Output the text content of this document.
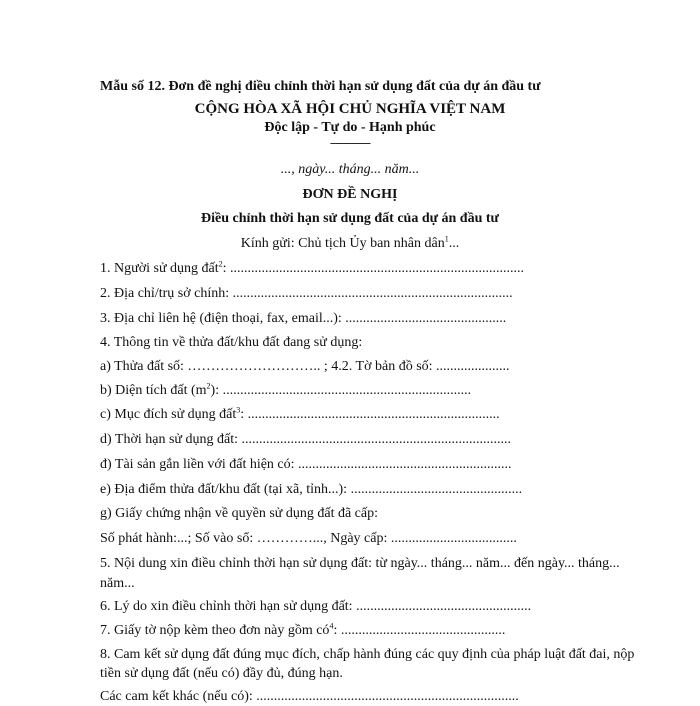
Mẫu số 12. Đơn đề nghị điều chỉnh thời hạn sử dụng đất của dự án đầu tư
CỘNG HÒA XÃ HỘI CHỦ NGHĨA VIỆT NAM
Độc lập - Tự do - Hạnh phúc
---------------
..., ngày... tháng... năm...
ĐƠN ĐỀ NGHỊ
Điều chỉnh thời hạn sử dụng đất của dự án đầu tư
Kính gửi: Chủ tịch Ủy ban nhân dân$^1$...
1. Người sử dụng đất$^2$: ....................................................................................
2. Địa chỉ/trụ sở chính: ................................................................................
3. Địa chỉ liên hệ (điện thoại, fax, email...): ..............................................
4. Thông tin về thửa đất/khu đất đang sử dụng:
a) Thửa đất số: ……………………….. ; 4.2. Tờ bản đồ số: .....................
b) Diện tích đất $(m^2)$: .......................................................................
c) Mục đích sử dụng đất$^3$: ........................................................................
d) Thời hạn sử dụng đất: .............................................................................
đ) Tài sản gắn liền với đất hiện có: .............................................................
e) Địa điểm thửa đất/khu đất (tại xã, tỉnh...): .................................................
g) Giấy chứng nhận về quyền sử dụng đất đã cấp:
Số phát hành:...; Số vào sổ: …………..., Ngày cấp: ....................................
5. Nội dung xin điều chỉnh thời hạn sử dụng đất: từ ngày... tháng... năm... đến ngày... tháng... năm...
6. Lý do xin điều chỉnh thời hạn sử dụng đất: ..................................................
7. Giấy tờ nộp kèm theo đơn này gồm $có^4$: ...............................................
8. Cam kết sử dụng đất đúng mục đích, chấp hành đúng các quy định của pháp luật đất đai, nộp tiền sử dụng đất (nếu có) đầy đủ, đúng hạn.
Các cam kết khác (nếu có): ...........................................................................
